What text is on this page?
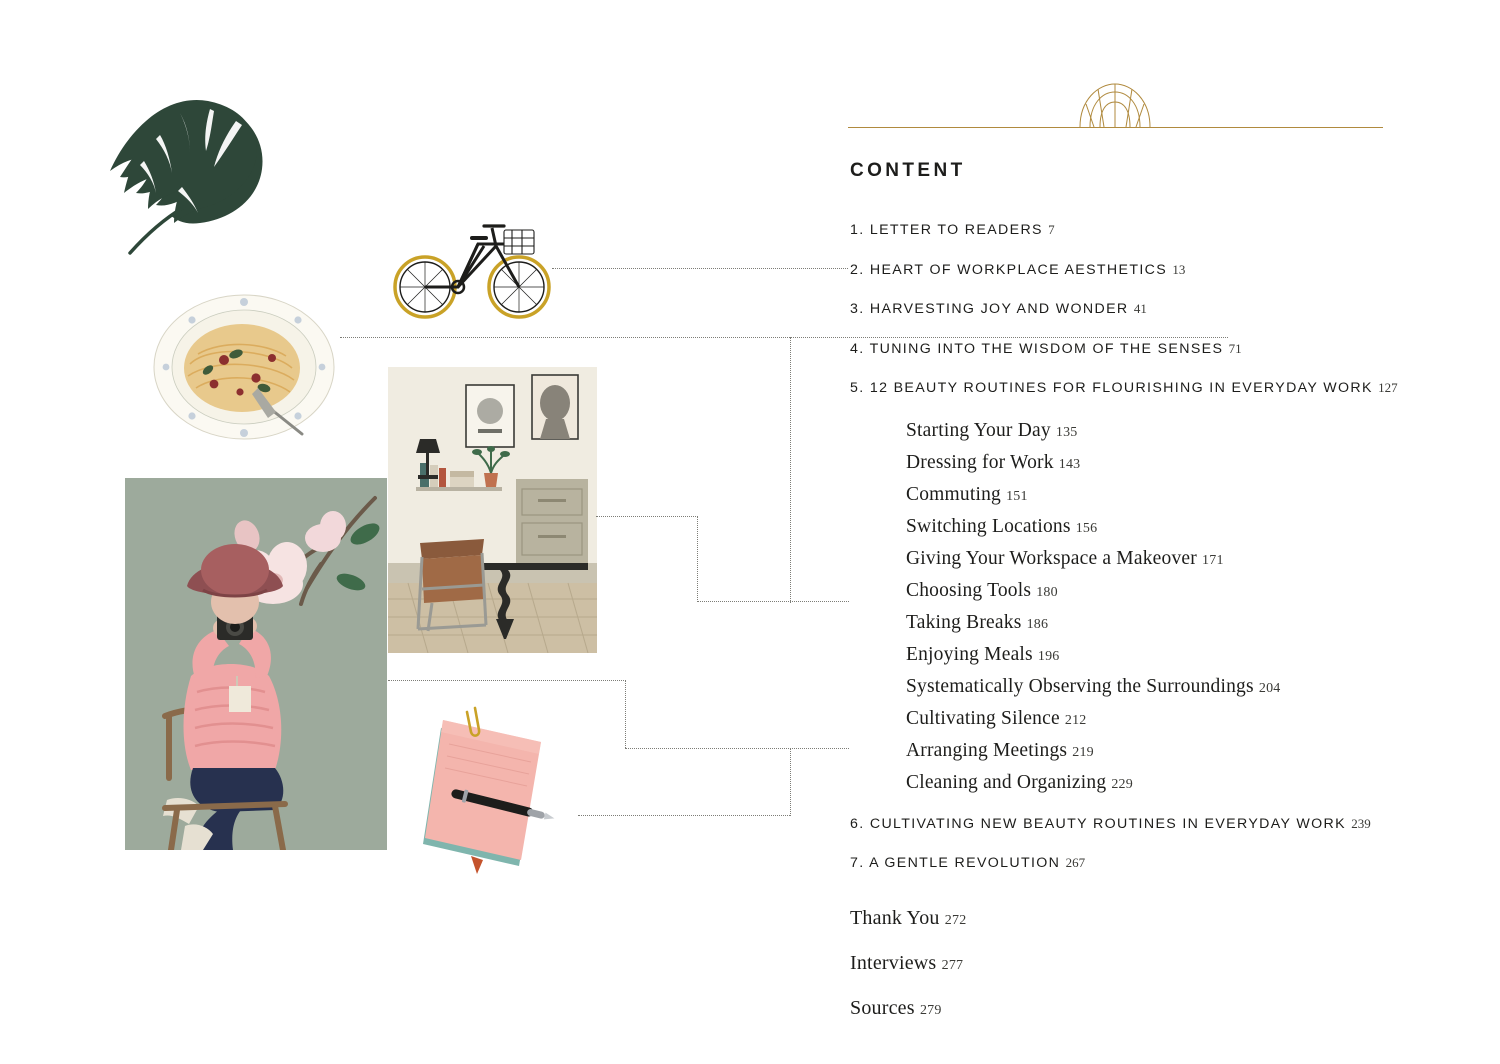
CONTENT
1. LETTER TO READERS 7
2. HEART OF WORKPLACE AESTHETICS 13
3. HARVESTING JOY AND WONDER 41
4. TUNING INTO THE WISDOM OF THE SENSES 71
5. 12 BEAUTY ROUTINES FOR FLOURISHING IN EVERYDAY WORK 127
Starting Your Day 135
Dressing for Work 143
Commuting 151
Switching Locations 156
Giving Your Workspace a Makeover 171
Choosing Tools 180
Taking Breaks 186
Enjoying Meals 196
Systematically Observing the Surroundings 204
Cultivating Silence 212
Arranging Meetings 219
Cleaning and Organizing 229
6. CULTIVATING NEW BEAUTY ROUTINES IN EVERYDAY WORK 239
7. A GENTLE REVOLUTION 267
Thank You 272
Interviews 277
Sources 279
